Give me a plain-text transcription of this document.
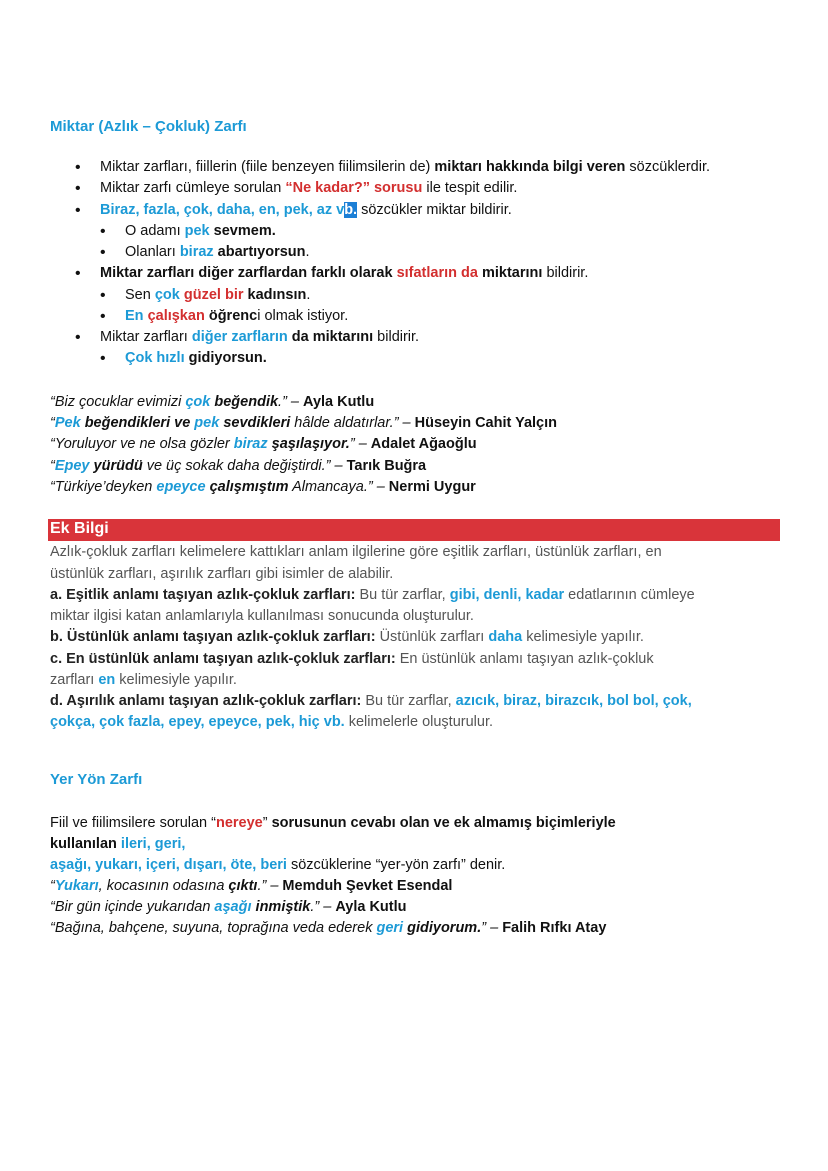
Miktar (Azlık – Çokluk) Zarfı
• Miktar zarfları, fiillerin (fiile benzeyen fiilimsilerin de) miktarı hakkında bilgi veren sözcüklerdir.
• Miktar zarfı cümleye sorulan “Ne kadar?” sorusu ile tespit edilir.
• Biraz, fazla, çok, daha, en, pek, az vb. sözcükler miktar bildirir.
• O adamı pek sevmem.
• Olanları biraz abartıyorsun.
• Miktar zarfları diğer zarflardan farklı olarak sıfatların da miktarını bildirir.
• Sen çok güzel bir kadınsın.
• En çalışkan öğrenci olmak istiyor.
• Miktar zarfları diğer zarfların da miktarını bildirir.
• Çok hızlı gidiyorsun.
“Biz çocuklar evimizi çok beğendik.” – Ayla Kutlu
“Pek beğendikleri ve pek sevdikleri hâlde aldatırlar.” – Hüseyin Cahit Yalçın
“Yoruluyor ve ne olsa gözler biraz şaşılaşıyor.” – Adalet Ağaoğlu
“Epey yürüdü ve üç sokak daha değiştirdi.” – Tarık Buğra
“Türkiye’deyken epeyce çalışmıştım Almancaya.” – Nermi Uygur
Ek Bilgi
Azlık-çokluk zarfları kelimelere kattıkları anlam ilgilerine göre eşitlik zarfları, üstünlük zarfları, en
üstünlük zarfları, aşırılık zarfları gibi isimler de alabilir.
a. Eşitlik anlamı taşıyan azlık-çokluk zarfları: Bu tür zarflar, gibi, denli, kadar edatlarının cümleye
miktar ilgisi katan anlamlarıyla kullanılması sonucunda oluşturulur.
b. Üstünlük anlamı taşıyan azlık-çokluk zarfları: Üstünlük zarfları daha kelimesiyle yapılır.
c. En üstünlük anlamı taşıyan azlık-çokluk zarfları: En üstünlük anlamı taşıyan azlık-çokluk
zarfları en kelimesiyle yapılır.
d. Aşırılık anlamı taşıyan azlık-çokluk zarfları: Bu tür zarflar, azıcık, biraz, birazcık, bol bol, çok,
çokça, çok fazla, epey, epeyce, pek, hiç vb. kelimelerle oluşturulur.
Yer Yön Zarfı
Fiil ve fiilimsilere sorulan “nereye” sorusunun cevabı olan ve ek almamış biçimleriyle
kullanılan ileri, geri,
aşağı, yukarı, içeri, dışarı, öte, beri sözcüklerine “yer-yön zarfı” denir.
“Yukarı, kocasının odasına çıktı.” – Memduh Şevket Esendal
“Bir gün içinde yukarıdan aşağı inmiştik.” – Ayla Kutlu
“Bağına, bahçene, suyuna, toprağına veda ederek geri gidiyorum.” – Falih Rıfkı Atay
